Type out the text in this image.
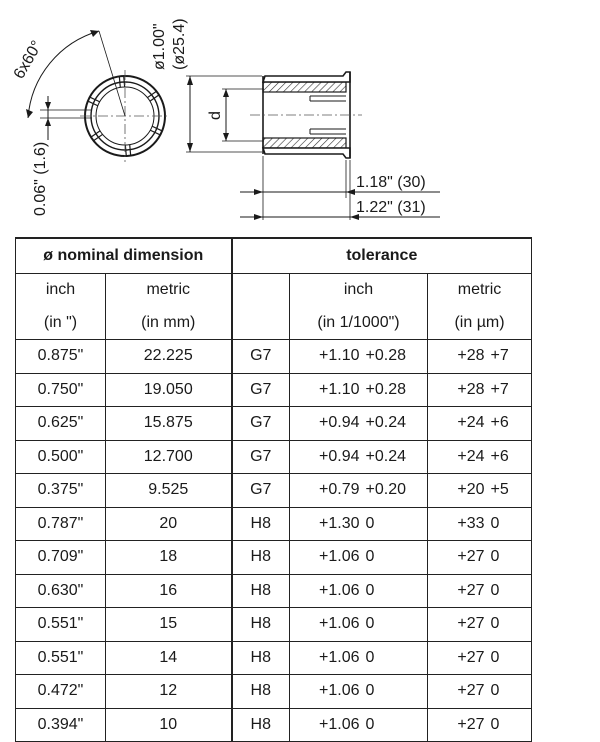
6x60°
0.06" (1.6)
ø1.00" (ø25.4)
d
1.18" (30)
1.22" (31)
ø nominal dimension		tolerance		
inch	metric		inch	metric
(in ")	(in mm)		(in 1/1000")	(in µm)
0.875"	22.225	G7	+1.10 +0.28	+28 +7
0.750"	19.050	G7	+1.10 +0.28	+28 +7
0.625"	15.875	G7	+0.94 +0.24	+24 +6
0.500"	12.700	G7	+0.94 +0.24	+24 +6
0.375"	9.525	G7	+0.79 +0.20	+20 +5
0.787"	20	H8	+1.30 0	+33 0
0.709"	18	H8	+1.06 0	+27 0
0.630"	16	H8	+1.06 0	+27 0
0.551"	15	H8	+1.06 0	+27 0
0.551"	14	H8	+1.06 0	+27 0
0.472"	12	H8	+1.06 0	+27 0
0.394"	10	H8	+1.06 0	+27 0
